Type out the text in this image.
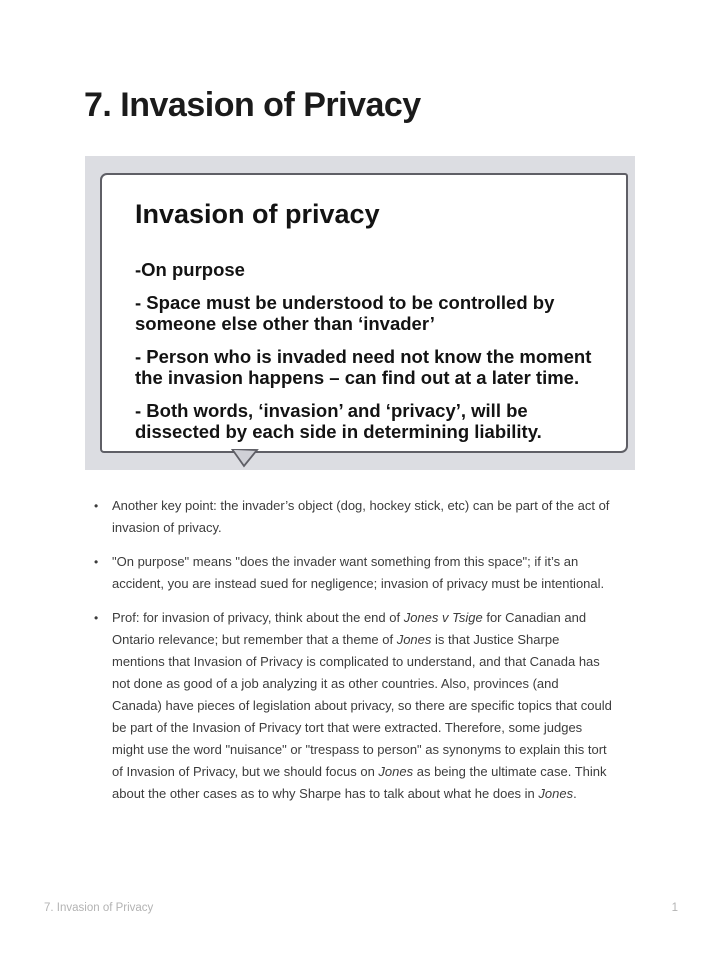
7. Invasion of Privacy
Invasion of privacy

-On purpose

- Space must be understood to be controlled by someone else other than ‘invader’

- Person who is invaded need not know the moment the invasion happens – can find out at a later time.

- Both words, ‘invasion’ and ‘privacy’, will be dissected by each side in determining liability.

• Another key point: the invader’s object (dog, hockey stick, etc) can be part of the act of invasion of privacy.
• "On purpose" means "does the invader want something from this space"; if it’s an accident, you are instead sued for negligence; invasion of privacy must be intentional.
• Prof: for invasion of privacy, think about the end of Jones v Tsige for Canadian and Ontario relevance; but remember that a theme of Jones is that Justice Sharpe mentions that Invasion of Privacy is complicated to understand, and that Canada has not done as good of a job analyzing it as other countries. Also, provinces (and Canada) have pieces of legislation about privacy, so there are specific topics that could be part of the Invasion of Privacy tort that were extracted. Therefore, some judges might use the word "nuisance" or "trespass to person" as synonyms to explain this tort of Invasion of Privacy, but we should focus on Jones as being the ultimate case. Think about the other cases as to why Sharpe has to talk about what he does in Jones.
7. Invasion of Privacy	1
